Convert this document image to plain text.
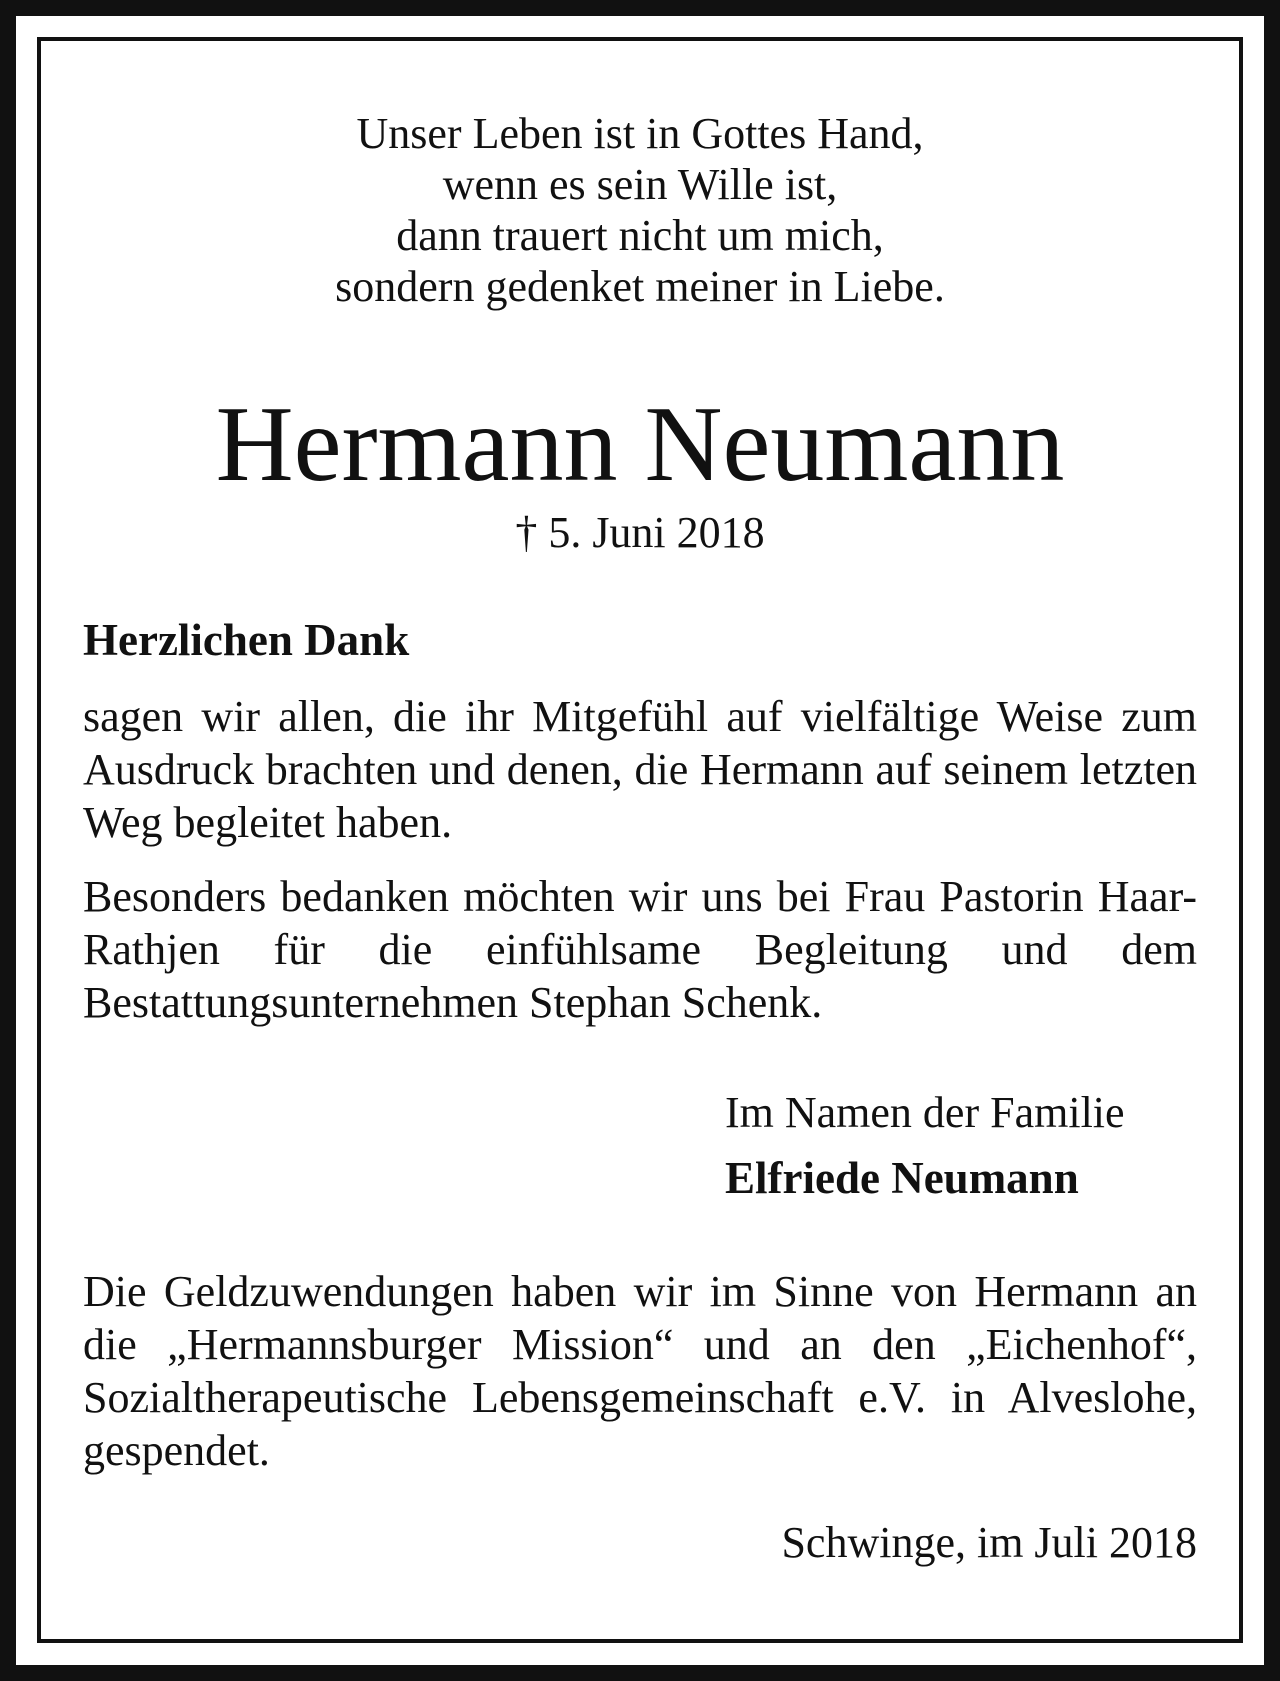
Unser Leben ist in Gottes Hand,
wenn es sein Wille ist,
dann trauert nicht um mich,
sondern gedenket meiner in Liebe.
Hermann Neumann
† 5. Juni 2018
Herzlichen Dank
sagen wir allen, die ihr Mitgefühl auf vielfältige Weise zum Ausdruck brachten und denen, die Hermann auf seinem letzten Weg begleitet haben.
Besonders bedanken möchten wir uns bei Frau Pastorin Haar-Rathjen für die einfühlsame Begleitung und dem Bestattungsunternehmen Stephan Schenk.
Im Namen der Familie
Elfriede Neumann
Die Geldzuwendungen haben wir im Sinne von Hermann an die „Hermannsburger Mission“ und an den „Eichenhof“, Sozialtherapeutische Lebensgemeinschaft e.V. in Alveslohe, gespendet.
Schwinge, im Juli 2018
